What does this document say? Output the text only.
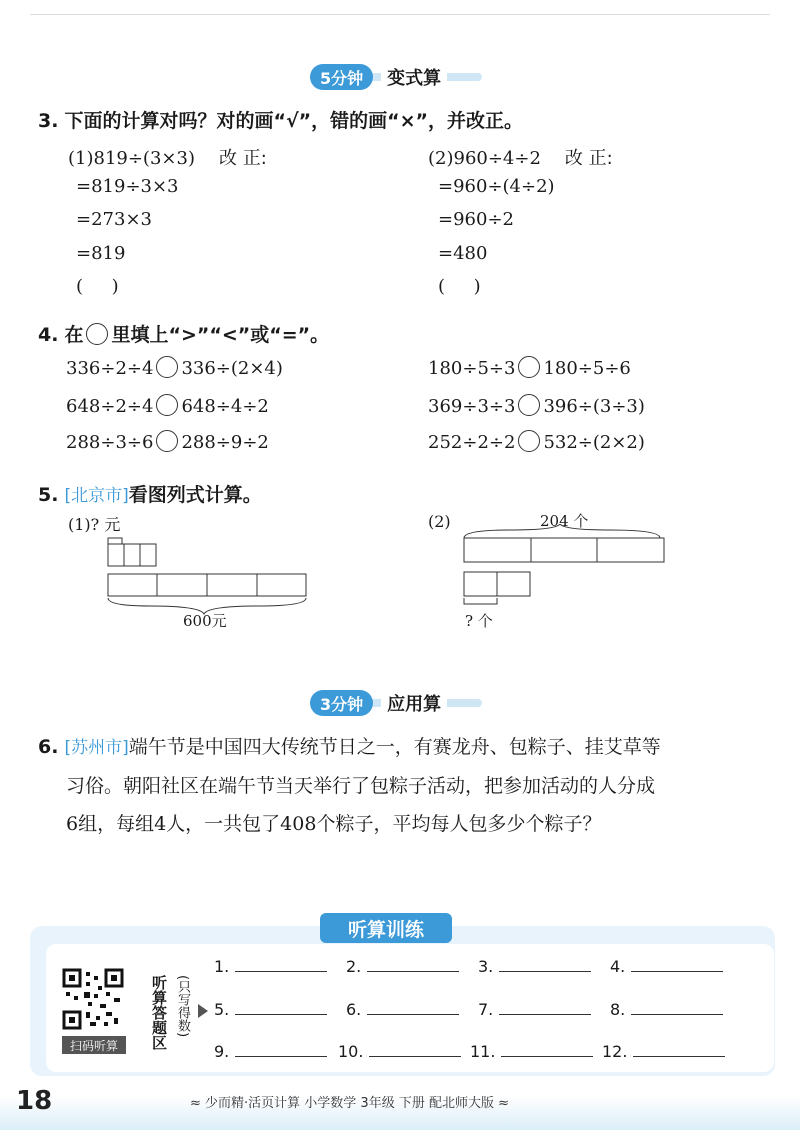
5分钟	变式算
3. 下面的计算对吗？对的画“√”，错的画“×”，并改正。
(1)819÷(3×3) 改 正:
=819÷3×3
=273×3
=819
(     )
(2)960÷4÷2 改 正:
=960÷(4÷2)
=960÷2
=480
(     )
4. 在 里填上“>”“<”或“=”。
336÷2÷4 336÷(2×4)	180÷5÷3 180÷5÷6
648÷2÷4 648÷4÷2	369÷3÷3 396÷(3÷3)
288÷3÷6 288÷9÷2	252÷2÷2 532÷(2×2)
5. [北京市]看图列式计算。
(1)? 元
600元
(2)	204 个
? 个
3分钟	应用算
6. [苏州市]端午节是中国四大传统节日之一，有赛龙舟、包粽子、挂艾草等
习俗。朝阳社区在端午节当天举行了包粽子活动，把参加活动的人分成
6组，每组4人，一共包了408个粽子，平均每人包多少个粽子？
听算训练
扫码听算	听算答题区 (只写得数)
1.	2.	3.	4.
5.	6.	7.	8.
9.	10.	11.	12.
18	≈ 少而精·活页计算 小学数学 3年级 下册 配北师大版 ≈
